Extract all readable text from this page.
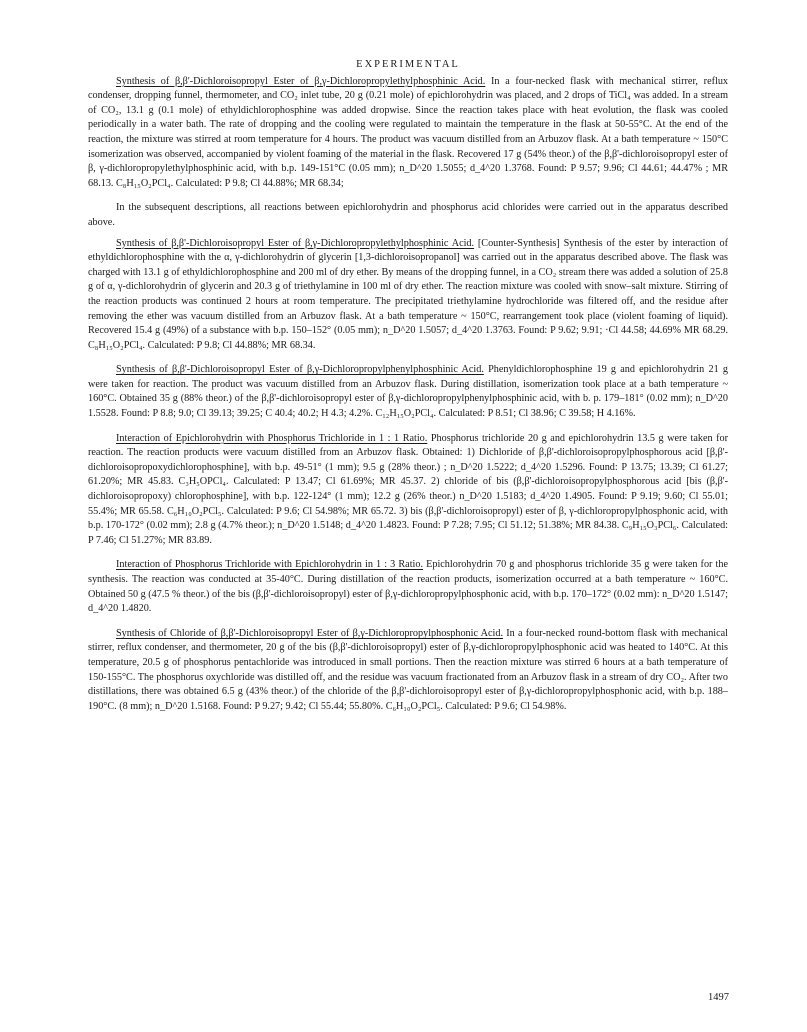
EXPERIMENTAL

Synthesis of β,β'-Dichloroisopropyl Ester of β,γ-Dichloropropylethylphosphinic Acid. In a four-necked flask with mechanical stirrer, reflux condenser, dropping funnel, thermometer, and CO₂ inlet tube, 20 g (0.21 mole) of epichlorohydrin was placed, and 2 drops of TiCl₄ was added. In a stream of CO₂, 13.1 g (0.1 mole) of ethyldichlorophosphine was added dropwise. Since the reaction takes place with heat evolution, the flask was cooled periodically in a water bath. The rate of dropping and the cooling were regulated to maintain the temperature in the flask at 50-55°C. At the end of the reaction, the mixture was stirred at room temperature for 4 hours. The product was vacuum distilled from an Arbuzov flask. At a bath temperature ~ 150°C isomerization was observed, accompanied by violent foaming of the material in the flask. Recovered 17 g (54% theor.) of the β,β'-dichloroisopropyl ester of β, γ-dichloropropylethylphosphinic acid, with b.p. 149-151°C (0.05 mm); n_D^20 1.5055; d_4^20 1.3768. Found: P 9.57; 9.96; Cl 44.61; 44.47% ; MR 68.13. C₈H₁₅O₂PCl₄. Calculated: P 9.8; Cl 44.88%; MR 68.34;

In the subsequent descriptions, all reactions between epichlorohydrin and phosphorus acid chlorides were carried out in the apparatus described above.

Synthesis of β,β'-Dichloroisopropyl Ester of β,γ-Dichloropropylethylphosphinic Acid. [Counter-Synthesis] Synthesis of the ester by interaction of ethyldichlorophosphine with the α, γ-dichlorohydrin of glycerin [1,3-dichloroisopropanol] was carried out in the apparatus described above. The flask was charged with 13.1 g of ethyldichlorophosphine and 200 ml of dry ether. By means of the dropping funnel, in a CO₂ stream there was added a solution of 25.8 g of α, γ-dichlorohydrin of glycerin and 20.3 g of triethylamine in 100 ml of dry ether. The reaction mixture was cooled with snow–salt mixture. Stirring of the reaction products was continued 2 hours at room temperature. The precipitated triethylamine hydrochloride was filtered off, and the residue after removing the ether was vacuum distilled from an Arbuzov flask. At a bath temperature ~ 150°C, rearrangement took place (violent foaming of liquid). Recovered 15.4 g (49%) of a substance with b.p. 150–152° (0.05 mm); n_D^20 1.5057; d_4^20 1.3763. Found: P 9.62; 9.91; ·Cl 44.58; 44.69% MR 68.29. C₈H₁₅O₂PCl₄. Calculated: P 9.8; Cl 44.88%; MR 68.34.

Synthesis of β,β'-Dichloroisopropyl Ester of β,γ-Dichloropropylphenylphosphinic Acid. Phenyldichlorophosphine 19 g and epichlorohydrin 21 g were taken for reaction. The product was vacuum distilled from an Arbuzov flask. During distillation, isomerization took place at a bath temperature ~ 160°C. Obtained 35 g (88% theor.) of the β,β'-dichloroisopropyl ester of β,γ-dichloropropylphenylphosphinic acid, with b. p. 179–181° (0.02 mm); n_D^20 1.5528. Found: P 8.8; 9.0; Cl 39.13; 39.25; C 40.4; 40.2; H 4.3; 4.2%. C₁₂H₁₅O₂PCl₄. Calculated: P 8.51; Cl 38.96; C 39.58; H 4.16%.

Interaction of Epichlorohydrin with Phosphorus Trichloride in 1 : 1 Ratio. Phosphorus trichloride 20 g and epichlorohydrin 13.5 g were taken for reaction. The reaction products were vacuum distilled from an Arbuzov flask. Obtained: 1) Dichloride of β,β'-dichloroisopropylphosphorous acid [β,β'-dichloroisopropoxydichlorophosphine], with b.p. 49-51° (1 mm); 9.5 g (28% theor.) ; n_D^20 1.5222; d_4^20 1.5296. Found: P 13.75; 13.39; Cl 61.27; 61.20%; MR 45.83. C₃H₅OPCl₄. Calculated: P 13.47; Cl 61.69%; MR 45.37. 2) chloride of bis (β,β'-dichloroisopropylphosphorous acid [bis (β,β'-dichloroisopropoxy) chlorophosphine], with b.p. 122-124° (1 mm); 12.2 g (26% theor.) n_D^20 1.5183; d_4^20 1.4905. Found: P 9.19; 9.60; Cl 55.01; 55.4%; MR 65.58. C₆H₁₀O₂PCl₅. Calculated: P 9.6; Cl 54.98%; MR 65.72. 3) bis (β,β'-dichloroisopropyl) ester of β, γ-dichloropropylphosphonic acid, with b.p. 170-172° (0.02 mm); 2.8 g (4.7% theor.); n_D^20 1.5148; d_4^20 1.4823. Found: P 7.28; 7.95; Cl 51.12; 51.38%; MR 84.38. C₉H₁₅O₃PCl₆. Calculated: P 7.46; Cl 51.27%; MR 83.89.

Interaction of Phosphorus Trichloride with Epichlorohydrin in 1 : 3 Ratio. Epichlorohydrin 70 g and phosphorus trichloride 35 g were taken for the synthesis. The reaction was conducted at 35-40°C. During distillation of the reaction products, isomerization occurred at a bath temperature ~ 160°C. Obtained 50 g (47.5 % theor.) of the bis (β,β'-dichloroisopropyl) ester of β,γ-dichloropropylphosphonic acid, with b.p. 170–172° (0.02 mm): n_D^20 1.5147; d_4^20 1.4820.

Synthesis of Chloride of β,β'-Dichloroisopropyl Ester of β,γ-Dichloropropylphosphonic Acid. In a four-necked round-bottom flask with mechanical stirrer, reflux condenser, and thermometer, 20 g of the bis (β,β'-dichloroisopropyl) ester of β,γ-dichloropropylphosphonic acid was heated to 140°C. At this temperature, 20.5 g of phosphorus pentachloride was introduced in small portions. Then the reaction mixture was stirred 6 hours at a bath temperature of 150-155°C. The phosphorus oxychloride was distilled off, and the residue was vacuum fractionated from an Arbuzov flask in a stream of dry CO₂. After two distillations, there was obtained 6.5 g (43% theor.) of the chloride of the β,β'-dichloroisopropyl ester of β,γ-dichloropropylphosphonic acid, with b.p. 188–190°C. (8 mm); n_D^20 1.5168. Found: P 9.27; 9.42; Cl 55.44; 55.80%. C₆H₁₀O₂PCl₅. Calculated: P 9.6; Cl 54.98%.

1497
